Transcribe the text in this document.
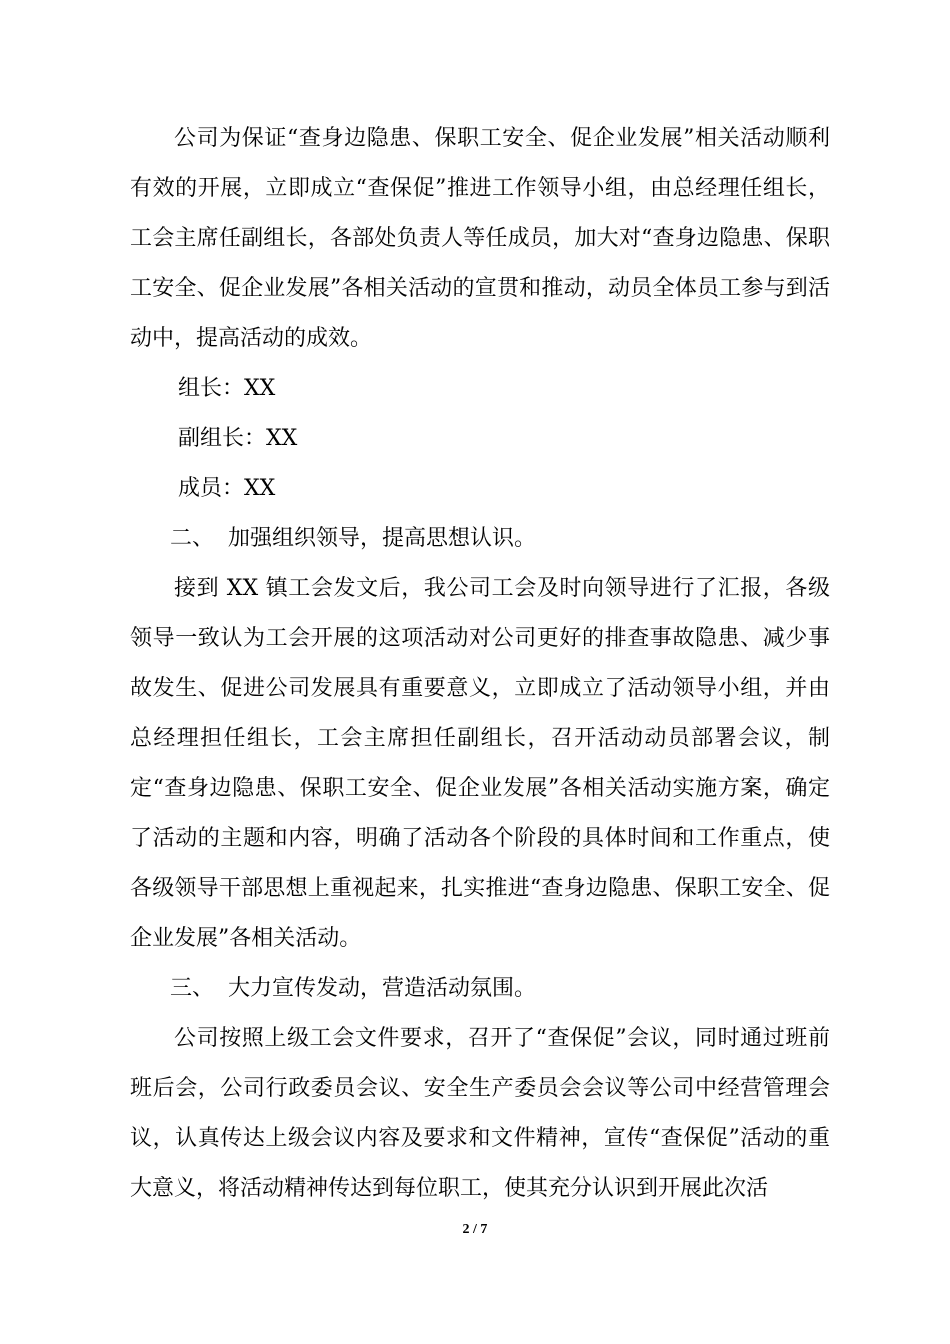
公司为保证“查身边隐患、保职工安全、促企业发展”相关活动顺利有效的开展，立即成立“查保促”推进工作领导小组，由总经理任组长，工会主席任副组长，各部处负责人等任成员，加大对“查身边隐患、保职工安全、促企业发展”各相关活动的宣贯和推动，动员全体员工参与到活动中，提高活动的成效。

组长：XX

副组长：XX

成员：XX

二、 加强组织领导，提高思想认识。

接到 XX 镇工会发文后，我公司工会及时向领导进行了汇报，各级领导一致认为工会开展的这项活动对公司更好的排查事故隐患、减少事故发生、促进公司发展具有重要意义，立即成立了活动领导小组，并由总经理担任组长，工会主席担任副组长，召开活动动员部署会议，制定“查身边隐患、保职工安全、促企业发展”各相关活动实施方案，确定了活动的主题和内容，明确了活动各个阶段的具体时间和工作重点，使各级领导干部思想上重视起来，扎实推进“查身边隐患、保职工安全、促企业发展”各相关活动。

三、 大力宣传发动，营造活动氛围。

公司按照上级工会文件要求，召开了“查保促”会议，同时通过班前班后会，公司行政委员会议、安全生产委员会会议等公司中经营管理会议，认真传达上级会议内容及要求和文件精神，宣传“查保促”活动的重大意义，将活动精神传达到每位职工，使其充分认识到开展此次活

2 / 7
